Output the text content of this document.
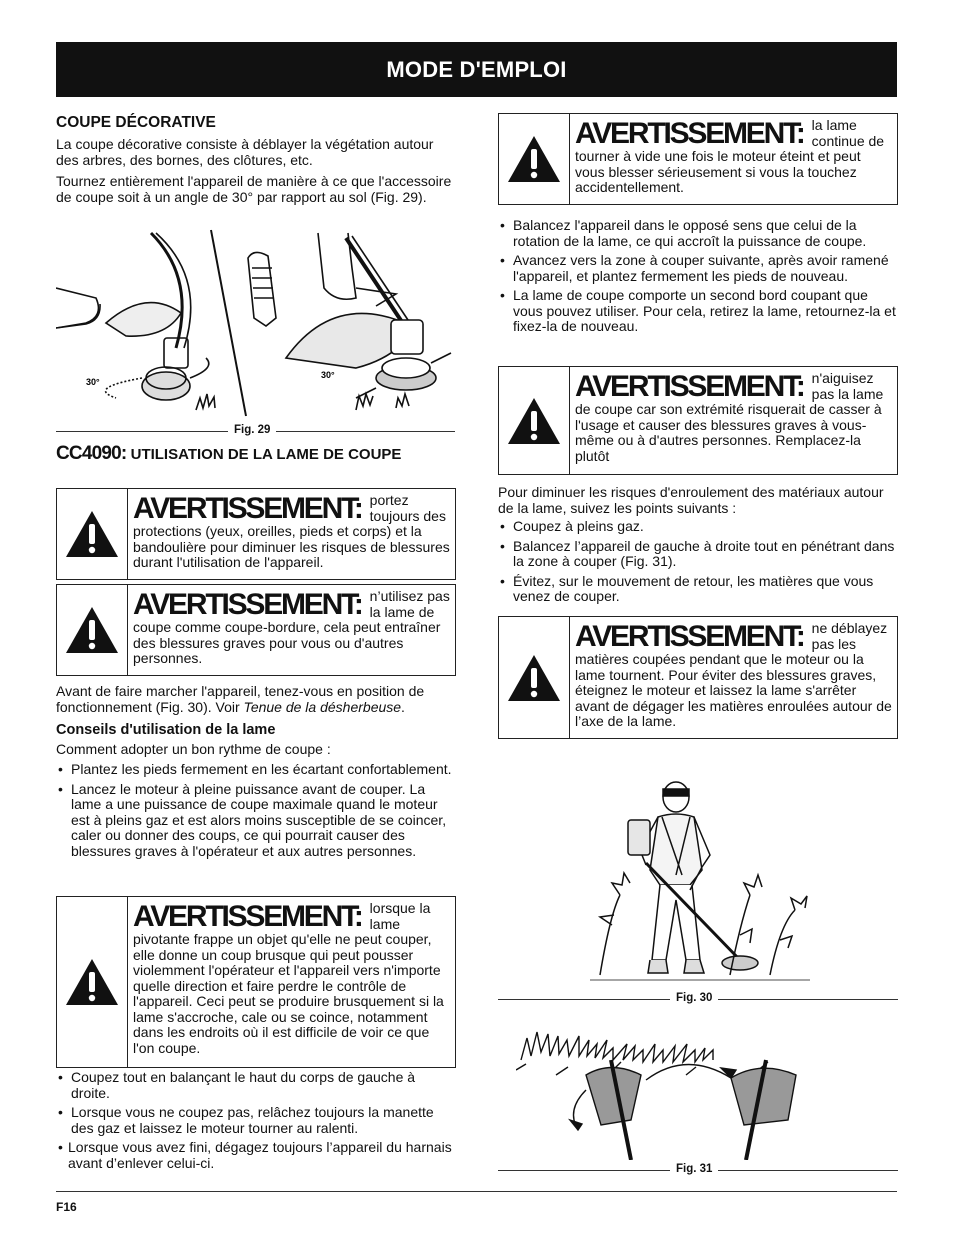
MODE D'EMPLOI
COUPE DÉCORATIVE

La coupe décorative consiste à déblayer la végétation autour des arbres, des bornes, des clôtures, etc.

Tournez entièrement l'appareil de manière à ce que l'accessoire de coupe soit à un angle de 30° par rapport au sol (Fig. 29).

30°
30°
Fig. 29
CC4090: UTILISATION DE LA LAME DE COUPE
AVERTISSEMENT: portez toujours des protections (yeux, oreilles, pieds et corps) et la bandoulière pour diminuer les risques de blessures durant l'utilisation de l'appareil.
AVERTISSEMENT: n’utilisez pas la lame de coupe comme coupe-bordure, cela peut entraîner des blessures graves pour vous ou d'autres personnes.

Avant de faire marcher l'appareil, tenez-vous en position de fonctionnement (Fig. 30). Voir Tenue de la désherbeuse.

Conseils d'utilisation de la lame

Comment adopter un bon rythme de coupe :

• Plantez les pieds fermement en les écartant confortablement.
• Lancez le moteur à pleine puissance avant de couper. La lame a une puissance de coupe maximale quand le moteur est à pleins gaz et est alors moins susceptible de se coincer, caler ou donner des coups, ce qui pourrait causer des blessures graves à l'opérateur et aux autres personnes.
AVERTISSEMENT: lorsque la lame pivotante frappe un objet qu'elle ne peut couper, elle donne un coup brusque qui peut pousser violemment l'opérateur et l'appareil vers n'importe quelle direction et faire perdre le contrôle de l'appareil. Ceci peut se produire brusquement si la lame s'accroche, cale ou se coince, notamment dans les endroits où il est difficile de voir ce que l'on coupe.
• Coupez tout en balançant le haut du corps de gauche à droite.
• Lorsque vous ne coupez pas, relâchez toujours la manette des gaz et laissez le moteur tourner au ralenti.
• Lorsque vous avez fini, dégagez toujours l’appareil du harnais avant d’enlever celui-ci.
AVERTISSEMENT: la lame continue de tourner à vide une fois le moteur éteint et peut vous blesser sérieusement si vous la touchez accidentellement.
• Balancez l'appareil dans le opposé sens que celui de la rotation de la lame, ce qui accroît la puissance de coupe.
• Avancez vers la zone à couper suivante, après avoir ramené l'appareil, et plantez fermement les pieds de nouveau.
• La lame de coupe comporte un second bord coupant que vous pouvez utiliser. Pour cela, retirez la lame, retournez-la et fixez-la de nouveau.
AVERTISSEMENT: n'aiguisez pas la lame de coupe car son extrémité risquerait de casser à l'usage et causer des blessures graves à vous-même ou à d'autres personnes. Remplacez-la plutôt

Pour diminuer les risques d'enroulement des matériaux autour de la lame, suivez les points suivants :

• Coupez à pleins gaz.
• Balancez l’appareil de gauche à droite tout en pénétrant dans la zone à couper (Fig. 31).
• Évitez, sur le mouvement de retour, les matières que vous venez de couper.
AVERTISSEMENT: ne déblayez pas les matières coupées pendant que le moteur ou la lame tournent. Pour éviter des blessures graves, éteignez le moteur et laissez la lame s'arrêter avant de dégager les matières enroulées autour de l’axe de la lame.
Fig. 30
Fig. 31
F16
